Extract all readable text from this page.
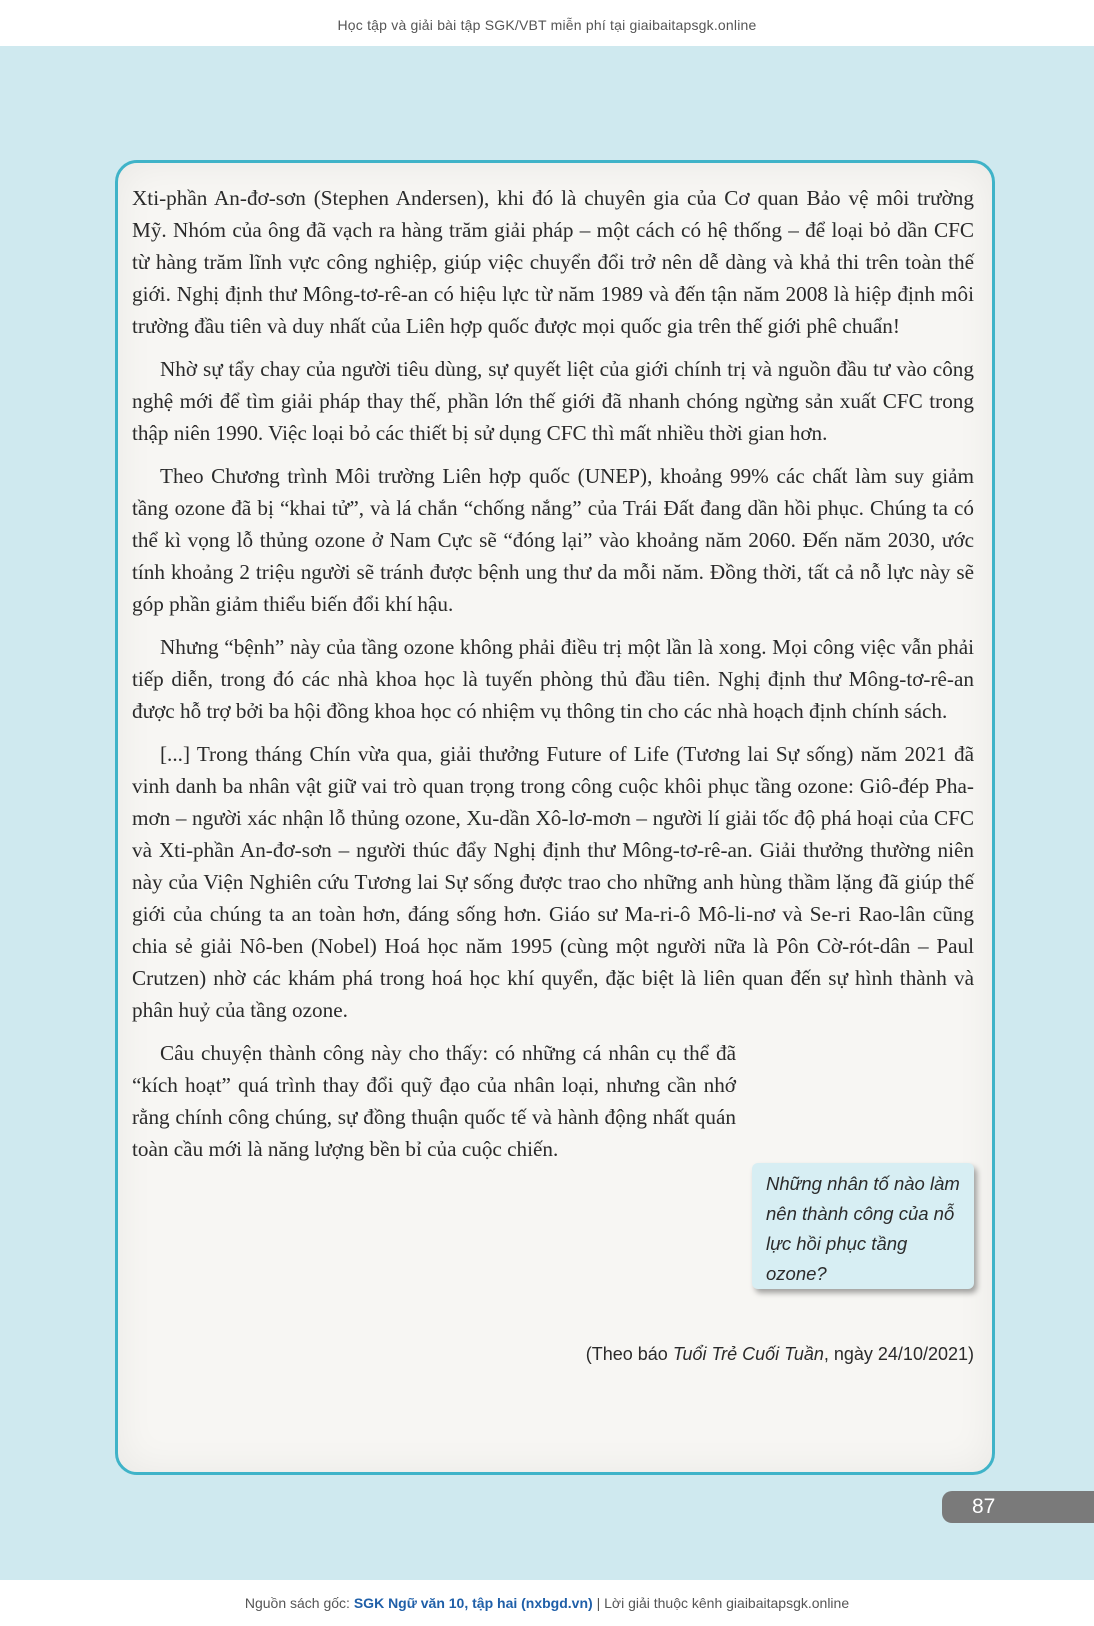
Học tập và giải bài tập SGK/VBT miễn phí tại giaibaitapsgk.online

Xti-phần An-đơ-sơn (Stephen Andersen), khi đó là chuyên gia của Cơ quan Bảo vệ môi trường Mỹ. Nhóm của ông đã vạch ra hàng trăm giải pháp – một cách có hệ thống – để loại bỏ dần CFC từ hàng trăm lĩnh vực công nghiệp, giúp việc chuyển đổi trở nên dễ dàng và khả thi trên toàn thế giới. Nghị định thư Mông-tơ-rê-an có hiệu lực từ năm 1989 và đến tận năm 2008 là hiệp định môi trường đầu tiên và duy nhất của Liên hợp quốc được mọi quốc gia trên thế giới phê chuẩn!

Nhờ sự tẩy chay của người tiêu dùng, sự quyết liệt của giới chính trị và nguồn đầu tư vào công nghệ mới để tìm giải pháp thay thế, phần lớn thế giới đã nhanh chóng ngừng sản xuất CFC trong thập niên 1990. Việc loại bỏ các thiết bị sử dụng CFC thì mất nhiều thời gian hơn.

Theo Chương trình Môi trường Liên hợp quốc (UNEP), khoảng 99% các chất làm suy giảm tầng ozone đã bị “khai tử”, và lá chắn “chống nắng” của Trái Đất đang dần hồi phục. Chúng ta có thể kì vọng lỗ thủng ozone ở Nam Cực sẽ “đóng lại” vào khoảng năm 2060. Đến năm 2030, ước tính khoảng 2 triệu người sẽ tránh được bệnh ung thư da mỗi năm. Đồng thời, tất cả nỗ lực này sẽ góp phần giảm thiểu biến đổi khí hậu.

Nhưng “bệnh” này của tầng ozone không phải điều trị một lần là xong. Mọi công việc vẫn phải tiếp diễn, trong đó các nhà khoa học là tuyến phòng thủ đầu tiên. Nghị định thư Mông-tơ-rê-an được hỗ trợ bởi ba hội đồng khoa học có nhiệm vụ thông tin cho các nhà hoạch định chính sách.

[...] Trong tháng Chín vừa qua, giải thưởng Future of Life (Tương lai Sự sống) năm 2021 đã vinh danh ba nhân vật giữ vai trò quan trọng trong công cuộc khôi phục tầng ozone: Giô-đép Pha-mơn – người xác nhận lỗ thủng ozone, Xu-dần Xô-lơ-mơn – người lí giải tốc độ phá hoại của CFC và Xti-phần An-đơ-sơn – người thúc đẩy Nghị định thư Mông-tơ-rê-an. Giải thưởng thường niên này của Viện Nghiên cứu Tương lai Sự sống được trao cho những anh hùng thầm lặng đã giúp thế giới của chúng ta an toàn hơn, đáng sống hơn. Giáo sư Ma-ri-ô Mô-li-nơ và Se-ri Rao-lân cũng chia sẻ giải Nô-ben (Nobel) Hoá học năm 1995 (cùng một người nữa là Pôn Cờ-rót-dân – Paul Crutzen) nhờ các khám phá trong hoá học khí quyển, đặc biệt là liên quan đến sự hình thành và phân huỷ của tầng ozone.

Câu chuyện thành công này cho thấy: có những cá nhân cụ thể đã “kích hoạt” quá trình thay đổi quỹ đạo của nhân loại, nhưng cần nhớ rằng chính công chúng, sự đồng thuận quốc tế và hành động nhất quán toàn cầu mới là năng lượng bền bỉ của cuộc chiến.

Những nhân tố nào làm nên thành công của nỗ lực hồi phục tầng ozone?
(Theo báo Tuổi Trẻ Cuối Tuần, ngày 24/10/2021)
87
Nguồn sách gốc: SGK Ngữ văn 10, tập hai (nxbgd.vn) | Lời giải thuộc kênh giaibaitapsgk.online
